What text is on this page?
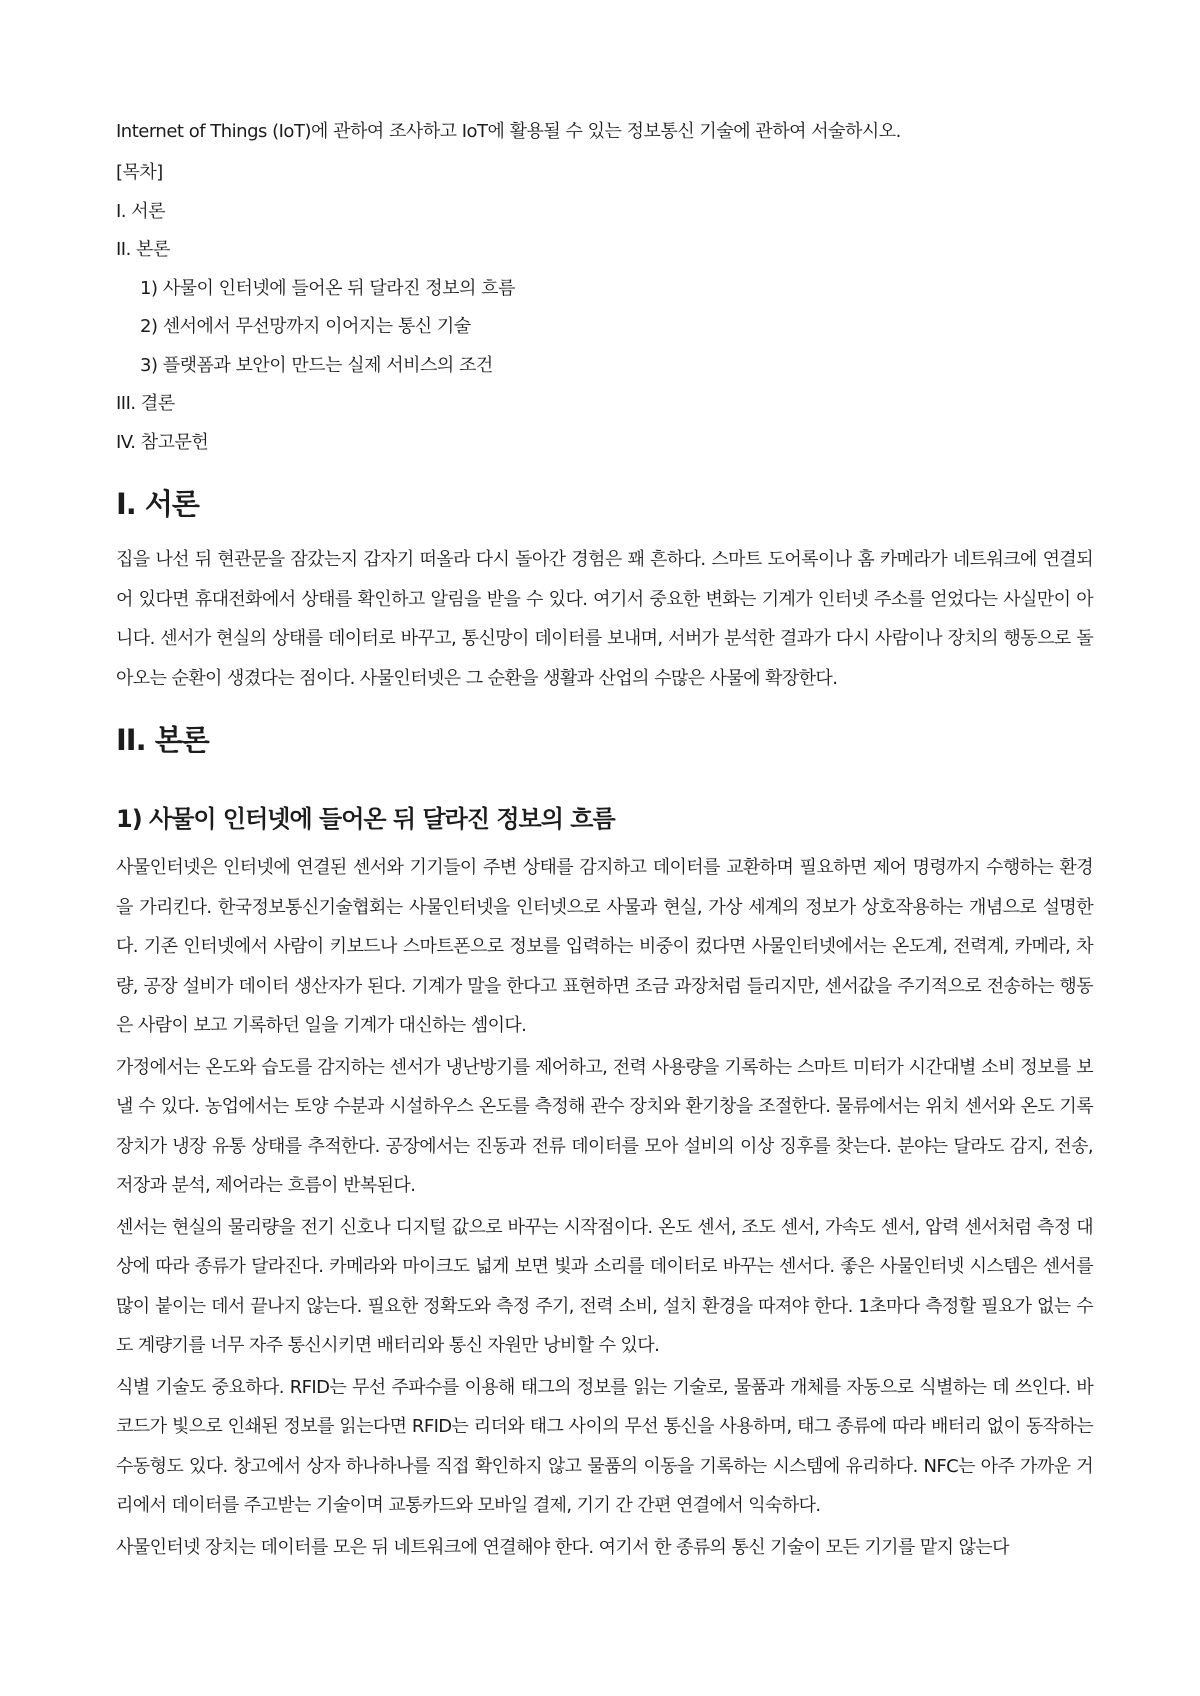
Internet of Things (IoT)에 관하여 조사하고 IoT에 활용될 수 있는 정보통신 기술에 관하여 서술하시오.

[목차]
I. 서론
II. 본론
1) 사물이 인터넷에 들어온 뒤 달라진 정보의 흐름
2) 센서에서 무선망까지 이어지는 통신 기술
3) 플랫폼과 보안이 만드는 실제 서비스의 조건
III. 결론
IV. 참고문헌
I. 서론

집을 나선 뒤 현관문을 잠갔는지 갑자기 떠올라 다시 돌아간 경험은 꽤 흔하다. 스마트 도어록이나 홈 카메라가 네트워크에 연결되어 있다면 휴대전화에서 상태를 확인하고 알림을 받을 수 있다. 여기서 중요한 변화는 기계가 인터넷 주소를 얻었다는 사실만이 아니다. 센서가 현실의 상태를 데이터로 바꾸고, 통신망이 데이터를 보내며, 서버가 분석한 결과가 다시 사람이나 장치의 행동으로 돌아오는 순환이 생겼다는 점이다. 사물인터넷은 그 순환을 생활과 산업의 수많은 사물에 확장한다.

II. 본론
1) 사물이 인터넷에 들어온 뒤 달라진 정보의 흐름

사물인터넷은 인터넷에 연결된 센서와 기기들이 주변 상태를 감지하고 데이터를 교환하며 필요하면 제어 명령까지 수행하는 환경을 가리킨다. 한국정보통신기술협회는 사물인터넷을 인터넷으로 사물과 현실, 가상 세계의 정보가 상호작용하는 개념으로 설명한다. 기존 인터넷에서 사람이 키보드나 스마트폰으로 정보를 입력하는 비중이 컸다면 사물인터넷에서는 온도계, 전력계, 카메라, 차량, 공장 설비가 데이터 생산자가 된다. 기계가 말을 한다고 표현하면 조금 과장처럼 들리지만, 센서값을 주기적으로 전송하는 행동은 사람이 보고 기록하던 일을 기계가 대신하는 셈이다.

가정에서는 온도와 습도를 감지하는 센서가 냉난방기를 제어하고, 전력 사용량을 기록하는 스마트 미터가 시간대별 소비 정보를 보낼 수 있다. 농업에서는 토양 수분과 시설하우스 온도를 측정해 관수 장치와 환기창을 조절한다. 물류에서는 위치 센서와 온도 기록 장치가 냉장 유통 상태를 추적한다. 공장에서는 진동과 전류 데이터를 모아 설비의 이상 징후를 찾는다. 분야는 달라도 감지, 전송, 저장과 분석, 제어라는 흐름이 반복된다.

센서는 현실의 물리량을 전기 신호나 디지털 값으로 바꾸는 시작점이다. 온도 센서, 조도 센서, 가속도 센서, 압력 센서처럼 측정 대상에 따라 종류가 달라진다. 카메라와 마이크도 넓게 보면 빛과 소리를 데이터로 바꾸는 센서다. 좋은 사물인터넷 시스템은 센서를 많이 붙이는 데서 끝나지 않는다. 필요한 정확도와 측정 주기, 전력 소비, 설치 환경을 따져야 한다. 1초마다 측정할 필요가 없는 수도 계량기를 너무 자주 통신시키면 배터리와 통신 자원만 낭비할 수 있다.

식별 기술도 중요하다. RFID는 무선 주파수를 이용해 태그의 정보를 읽는 기술로, 물품과 개체를 자동으로 식별하는 데 쓰인다. 바코드가 빛으로 인쇄된 정보를 읽는다면 RFID는 리더와 태그 사이의 무선 통신을 사용하며, 태그 종류에 따라 배터리 없이 동작하는 수동형도 있다. 창고에서 상자 하나하나를 직접 확인하지 않고 물품의 이동을 기록하는 시스템에 유리하다. NFC는 아주 가까운 거리에서 데이터를 주고받는 기술이며 교통카드와 모바일 결제, 기기 간 간편 연결에서 익숙하다.

사물인터넷 장치는 데이터를 모은 뒤 네트워크에 연결해야 한다. 여기서 한 종류의 통신 기술이 모든 기기를 맡지 않는다
